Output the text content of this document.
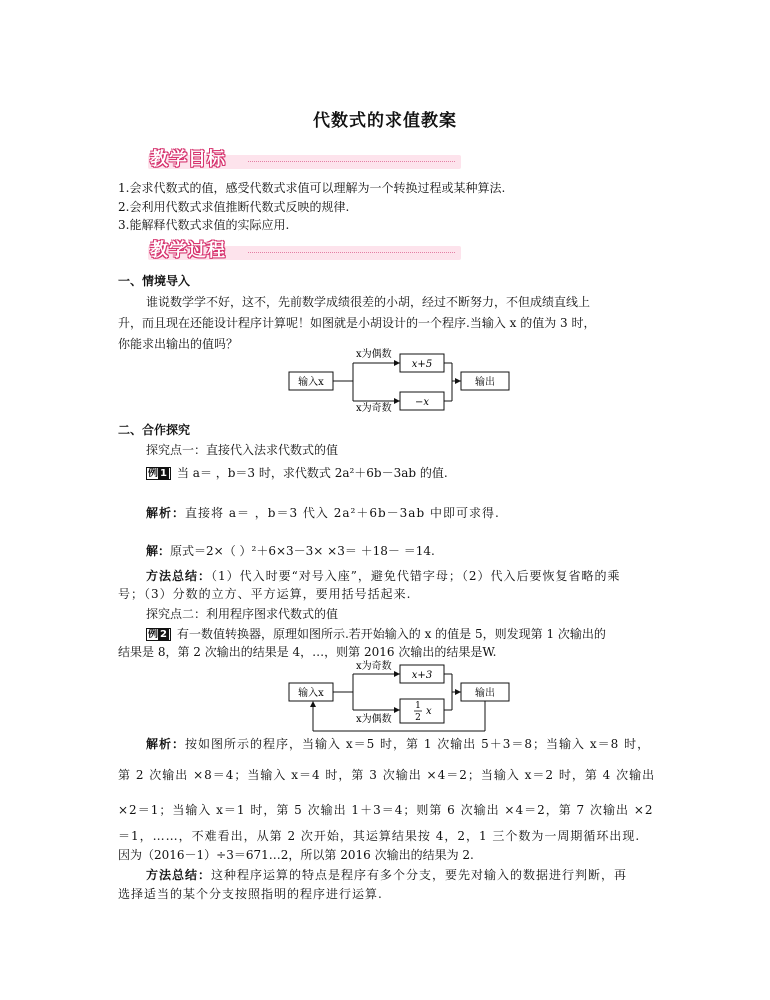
代数式的求值教案
教学目标
1.会求代数式的值，感受代数式求值可以理解为一个转换过程或某种算法.
2.会利用代数式求值推断代数式反映的规律.
3.能解释代数式求值的实际应用.
教学过程
一、情境导入
谁说数学学不好，这不，先前数学成绩很差的小胡，经过不断努力，不但成绩直线上
升，而且现在还能设计程序计算呢！如图就是小胡设计的一个程序.当输入 x 的值为 3 时，
你能求出输出的值吗？
输入x	输出
x为偶数
x为奇数
x+5
−x
二、合作探究
探究点一：直接代入法求代数式的值
例 1 当 a＝ ，b＝3 时，求代数式 2a²＋6b－3ab 的值.
解析：直接将 a＝ ，b＝3 代入 2a²＋6b－3ab 中即可求得.
解：原式＝2×（ ）²＋6×3－3× ×3＝ ＋18－ ＝14.
方法总结：（1）代入时要“对号入座”，避免代错字母；（2）代入后要恢复省略的乘
号；（3）分数的立方、平方运算，要用括号括起来.
探究点二：利用程序图求代数式的值
例 2 有一数值转换器，原理如图所示.若开始输入的 x 的值是 5，则发现第 1 次输出的
结果是 8，第 2 次输出的结果是 4，…，则第 2016 次输出的结果是W.
输入x	输出
x为奇数
x为偶数
x+3
1
2
x
解析：按如图所示的程序，当输入 x＝5 时，第 1 次输出 5＋3＝8；当输入 x＝8 时，
第 2 次输出 ×8＝4；当输入 x＝4 时，第 3 次输出 ×4＝2；当输入 x＝2 时，第 4 次输出
×2＝1；当输入 x＝1 时，第 5 次输出 1＋3＝4；则第 6 次输出 ×4＝2，第 7 次输出 ×2
＝1，……，不难看出，从第 2 次开始，其运算结果按 4，2，1 三个数为一周期循环出现.
因为（2016－1）÷3＝671…2，所以第 2016 次输出的结果为 2.
方法总结：这种程序运算的特点是程序有多个分支，要先对输入的数据进行判断，再
选择适当的某个分支按照指明的程序进行运算.
